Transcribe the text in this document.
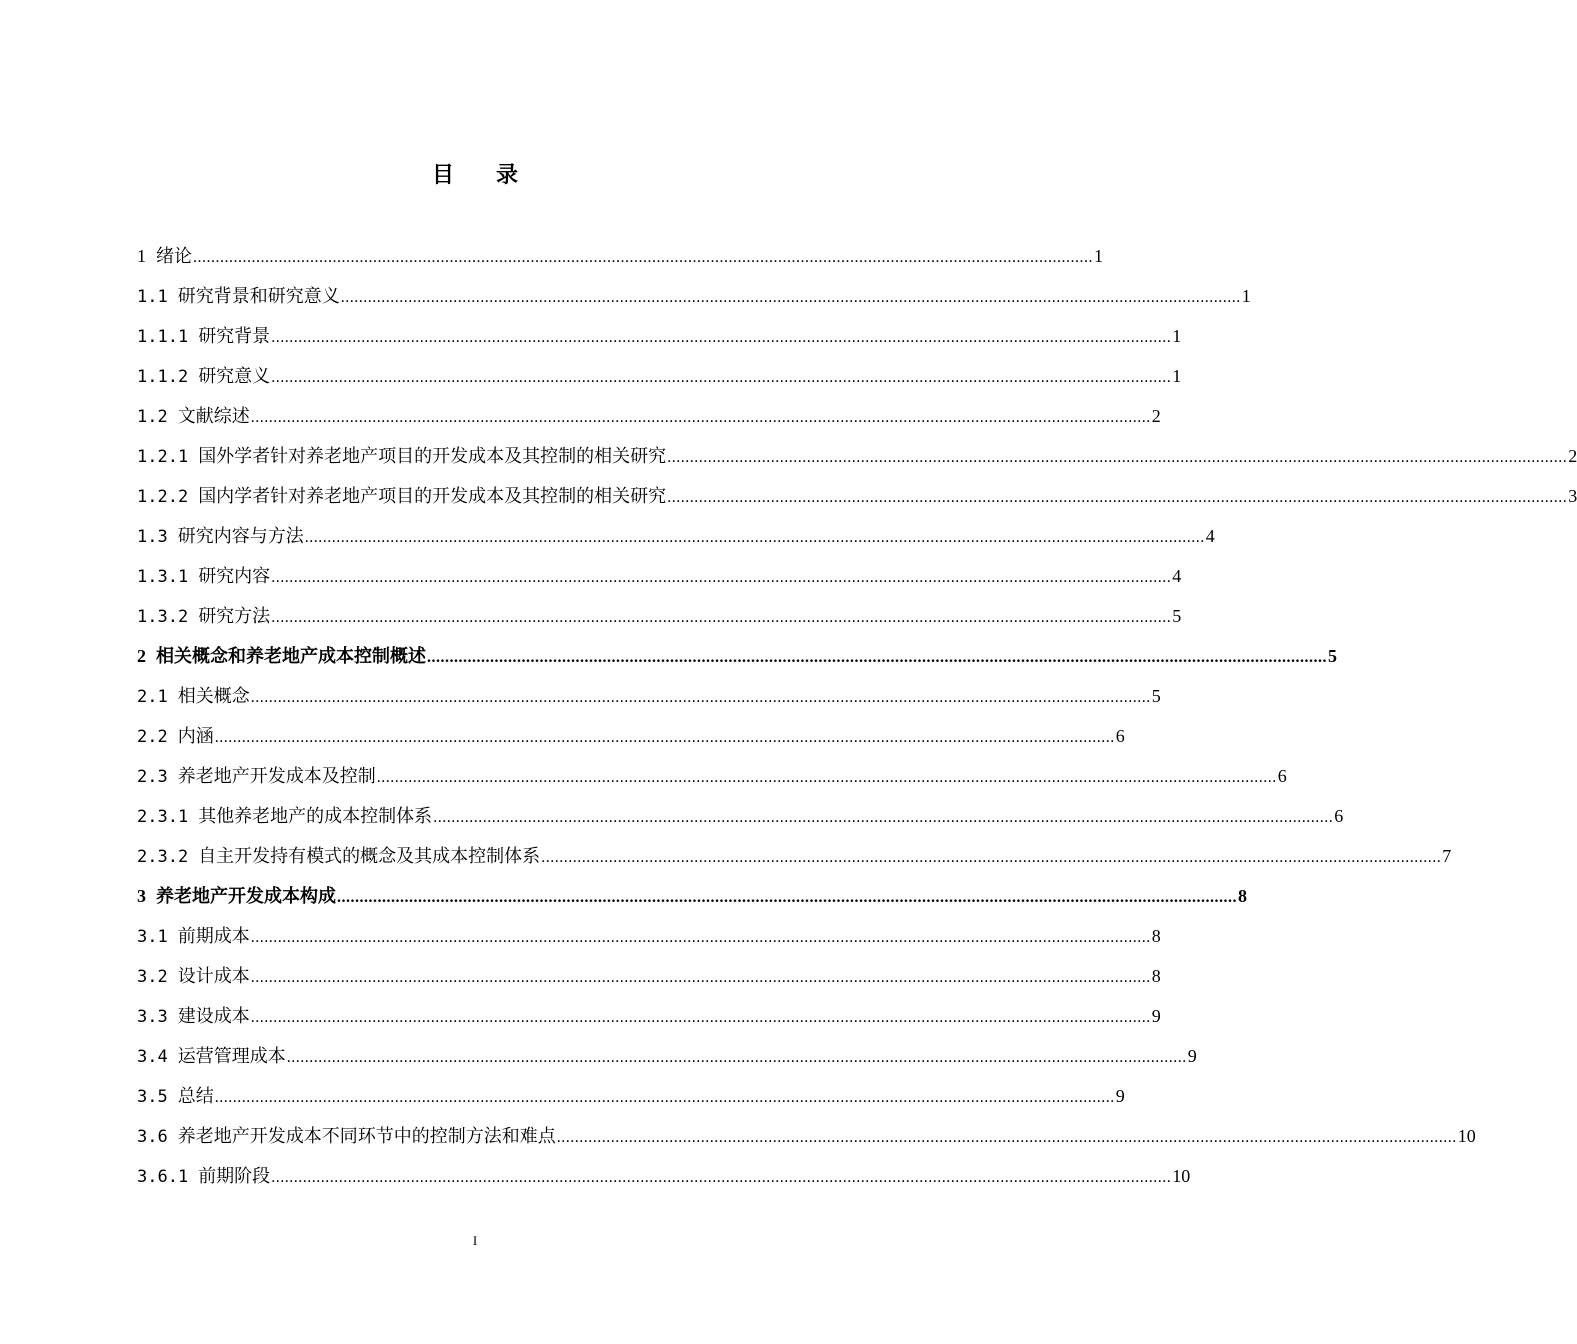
目录
1 绪论 ........................................................................................................................................................................................................ 1
1.1 研究背景和研究意义 ........................................................................................................................................................................................................ 1
1.1.1 研究背景 ........................................................................................................................................................................................................ 1
1.1.2 研究意义 ........................................................................................................................................................................................................ 1
1.2 文献综述 ........................................................................................................................................................................................................ 2
1.2.1 国外学者针对养老地产项目的开发成本及其控制的相关研究 ........................................................................................................................................................................................................ 2
1.2.2 国内学者针对养老地产项目的开发成本及其控制的相关研究 ........................................................................................................................................................................................................ 3
1.3 研究内容与方法 ........................................................................................................................................................................................................ 4
1.3.1 研究内容 ........................................................................................................................................................................................................ 4
1.3.2 研究方法 ........................................................................................................................................................................................................ 5
2 相关概念和养老地产成本控制概述 ........................................................................................................................................................................................................ 5
2.1 相关概念 ........................................................................................................................................................................................................ 5
2.2 内涵 ........................................................................................................................................................................................................ 6
2.3 养老地产开发成本及控制 ........................................................................................................................................................................................................ 6
2.3.1 其他养老地产的成本控制体系 ........................................................................................................................................................................................................ 6
2.3.2 自主开发持有模式的概念及其成本控制体系 ........................................................................................................................................................................................................ 7
3 养老地产开发成本构成 ........................................................................................................................................................................................................ 8
3.1 前期成本 ........................................................................................................................................................................................................ 8
3.2 设计成本 ........................................................................................................................................................................................................ 8
3.3 建设成本 ........................................................................................................................................................................................................ 9
3.4 运营管理成本 ........................................................................................................................................................................................................ 9
3.5 总结 ........................................................................................................................................................................................................ 9
3.6 养老地产开发成本不同环节中的控制方法和难点 ........................................................................................................................................................................................................ 10
3.6.1 前期阶段 ........................................................................................................................................................................................................ 10
I
